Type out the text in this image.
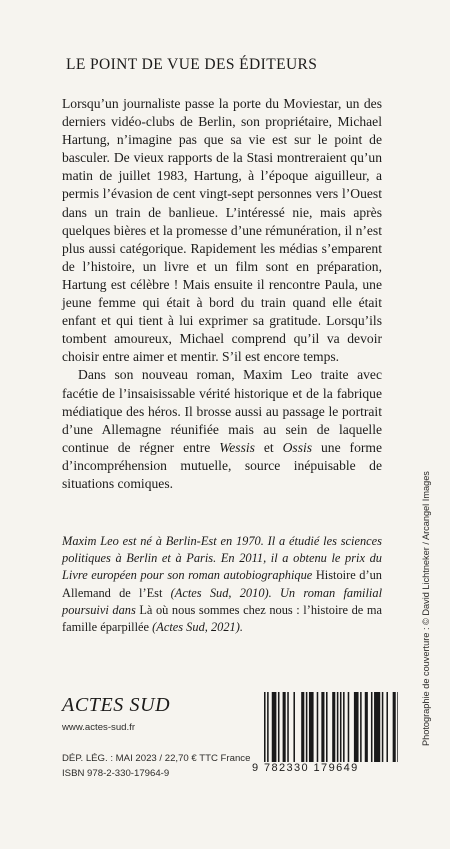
LE POINT DE VUE DES ÉDITEURS

Lorsqu’un journaliste passe la porte du Moviestar, un des derniers vidéo-clubs de Berlin, son propriétaire, Michael Hartung, n’imagine pas que sa vie est sur le point de basculer. De vieux rapports de la Stasi montreraient qu’un matin de juillet 1983, Hartung, à l’époque aiguilleur, a permis l’évasion de cent vingt-sept personnes vers l’Ouest dans un train de banlieue. L’intéressé nie, mais après quelques bières et la promesse d’une rémunération, il n’est plus aussi catégorique. Rapidement les médias s’emparent de l’histoire, un livre et un film sont en préparation, Hartung est célèbre ! Mais ensuite il rencontre Paula, une jeune femme qui était à bord du train quand elle était enfant et qui tient à lui exprimer sa gratitude. Lorsqu’ils tombent amoureux, Michael comprend qu’il va devoir choisir entre aimer et mentir. S’il est encore temps.

Dans son nouveau roman, Maxim Leo traite avec facétie de l’insaisissable vérité historique et de la fabrique médiatique des héros. Il brosse aussi au passage le portrait d’une Allemagne réunifiée mais au sein de laquelle continue de régner entre Wessis et Ossis une forme d’incompréhension mutuelle, source inépuisable de situations comiques.

Maxim Leo est né à Berlin-Est en 1970. Il a étudié les sciences politiques à Berlin et à Paris. En 2011, il a obtenu le prix du Livre européen pour son roman autobiographique Histoire d’un Allemand de l’Est (Actes Sud, 2010). Un roman familial poursuivi dans Là où nous sommes chez nous : l’histoire de ma famille éparpillée (Actes Sud, 2021).	Photographie de couverture : © David Lichtneker / Arcangel Images
ACTES SUD
www.actes-sud.fr
DÉP. LÉG. : MAI 2023 / 22,70 € TTC France
ISBN 978-2-330-17964-9	9 782330 179649
